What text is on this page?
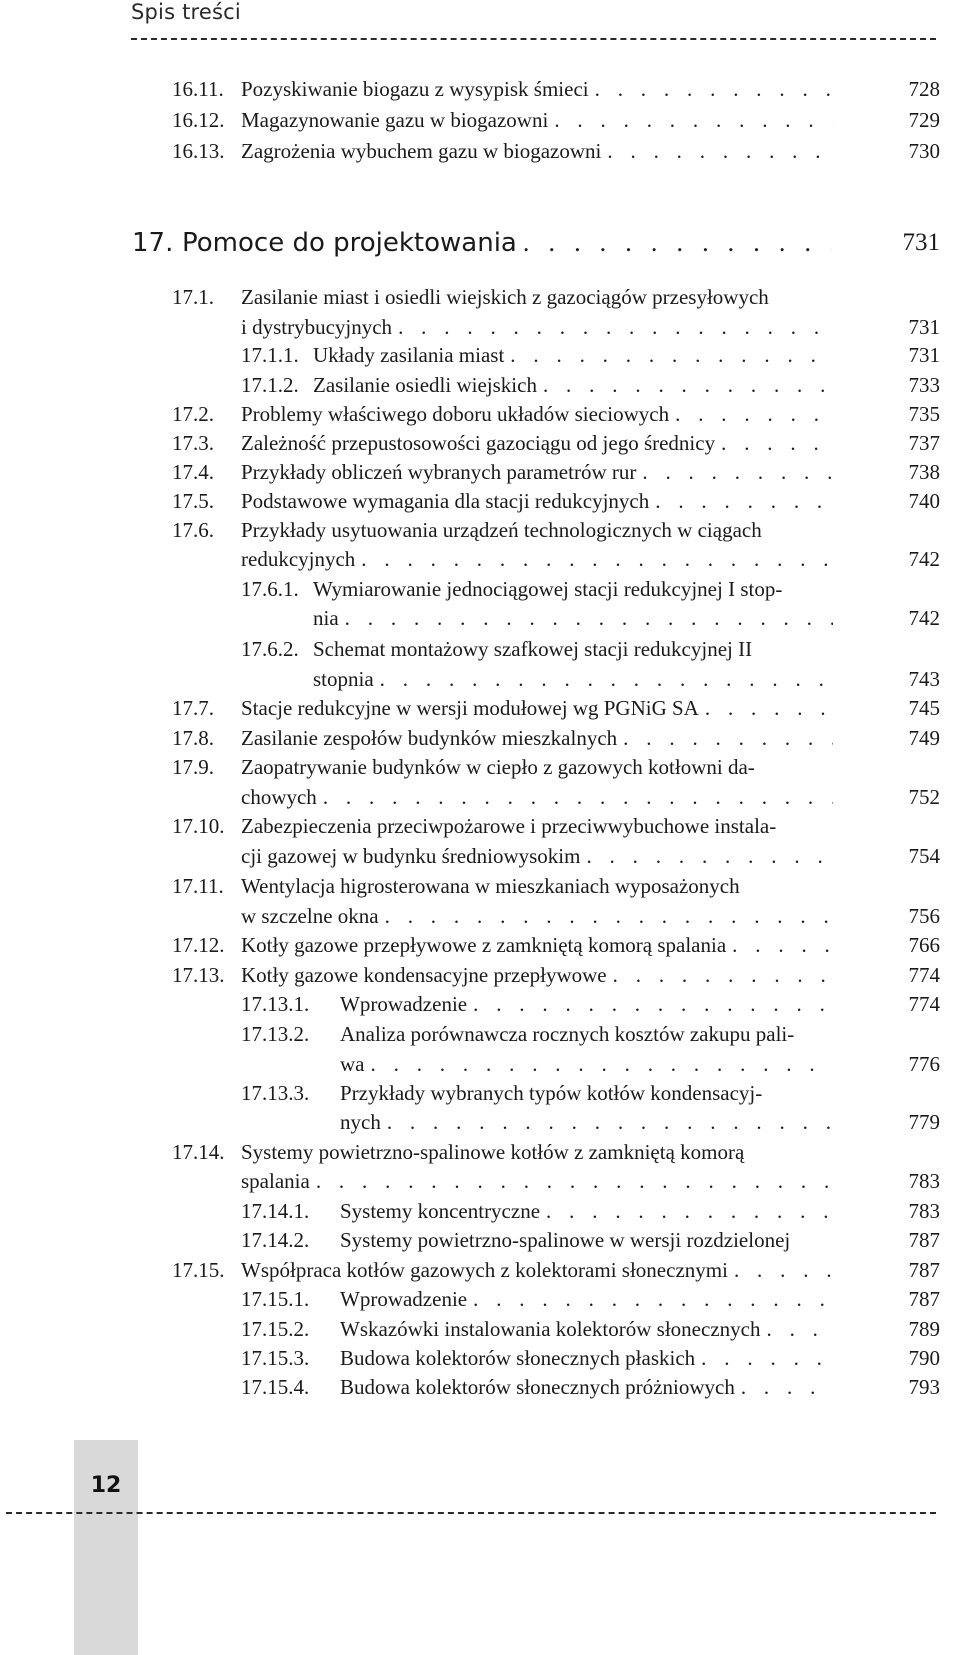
Spis treści
16.11. Pozyskiwanie biogazu z wysypisk śmieci . . .	728
16.12. Magazynowanie gazu w biogazowni . . .	729
16.13. Zagrożenia wybuchem gazu w biogazowni . . .	730
17. Pomoce do projektowania . . .	731
17.1. Zasilanie miast i osiedli wiejskich z gazociągów przesyłowych
i dystrybucyjnych . . .	731
17.1.1. Układy zasilania miast . . .	731
17.1.2. Zasilanie osiedli wiejskich . . .	733
17.2. Problemy właściwego doboru układów sieciowych . . .	735
17.3. Zależność przepustosowości gazociągu od jego średnicy . . .	737
17.4. Przykłady obliczeń wybranych parametrów rur . . .	738
17.5. Podstawowe wymagania dla stacji redukcyjnych . . .	740
17.6. Przykłady usytuowania urządzeń technologicznych w ciągach
redukcyjnych . . .	742
17.6.1. Wymiarowanie jednociągowej stacji redukcyjnej I stop-
nia . . .	742
17.6.2. Schemat montażowy szafkowej stacji redukcyjnej II
stopnia . . .	743
17.7. Stacje redukcyjne w wersji modułowej wg PGNiG SA . . .	745
17.8. Zasilanie zespołów budynków mieszkalnych . . .	749
17.9. Zaopatrywanie budynków w ciepło z gazowych kotłowni da-
chowych . . .	752
17.10. Zabezpieczenia przeciwpożarowe i przeciwwybuchowe instala-
cji gazowej w budynku średniowysokim . . .	754
17.11. Wentylacja higrosterowana w mieszkaniach wyposażonych
w szczelne okna . . .	756
17.12. Kotły gazowe przepływowe z zamkniętą komorą spalania . . .	766
17.13. Kotły gazowe kondensacyjne przepływowe . . .	774
17.13.1. Wprowadzenie . . .	774
17.13.2. Analiza porównawcza rocznych kosztów zakupu pali-
wa . . .	776
17.13.3. Przykłady wybranych typów kotłów kondensacyj-
nych . . .	779
17.14. Systemy powietrzno-spalinowe kotłów z zamkniętą komorą
spalania . . .	783
17.14.1. Systemy koncentryczne . . .	783
17.14.2. Systemy powietrzno-spalinowe w wersji rozdzielonej	787
17.15. Współpraca kotłów gazowych z kolektorami słonecznymi . . .	787
17.15.1. Wprowadzenie . . .	787
17.15.2. Wskazówki instalowania kolektorów słonecznych . . .	789
17.15.3. Budowa kolektorów słonecznych płaskich . . .	790
17.15.4. Budowa kolektorów słonecznych próżniowych . . .	793
12
